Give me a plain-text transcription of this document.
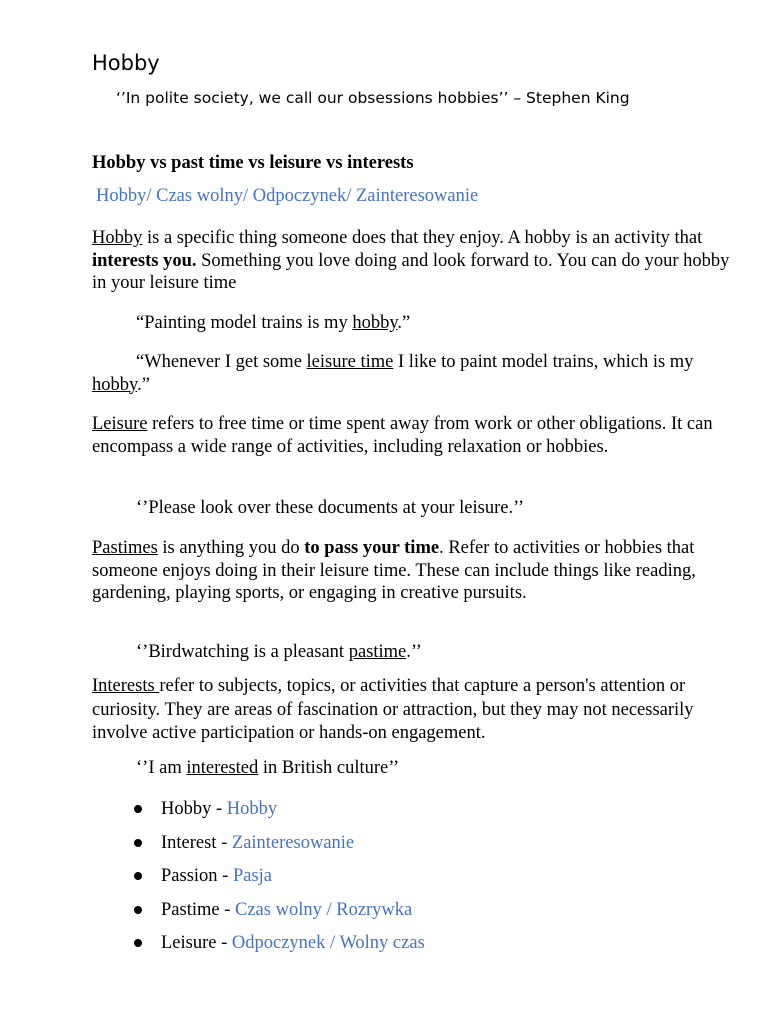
Hobby
‘’In polite society, we call our obsessions hobbies’’ – Stephen King
Hobby vs past time vs leisure vs interests
Hobby/ Czas wolny/ Odpoczynek/ Zainteresowanie
Hobby is a specific thing someone does that they enjoy. A hobby is an activity that interests you. Something you love doing and look forward to. You can do your hobby in your leisure time
“Painting model trains is my hobby.”
“Whenever I get some leisure time I like to paint model trains, which is my hobby.”
Leisure refers to free time or time spent away from work or other obligations. It can encompass a wide range of activities, including relaxation or hobbies.
‘’Please look over these documents at your leisure.’’
Pastimes is anything you do to pass your time. Refer to activities or hobbies that someone enjoys doing in their leisure time. These can include things like reading, gardening, playing sports, or engaging in creative pursuits.
‘’Birdwatching is a pleasant pastime.’’
Interests refer to subjects, topics, or activities that capture a person's attention or curiosity. They are areas of fascination or attraction, but they may not necessarily involve active participation or hands-on engagement.
‘’I am interested in British culture’’
Hobby - Hobby
Interest - Zainteresowanie
Passion - Pasja
Pastime - Czas wolny / Rozrywka
Leisure - Odpoczynek / Wolny czas
